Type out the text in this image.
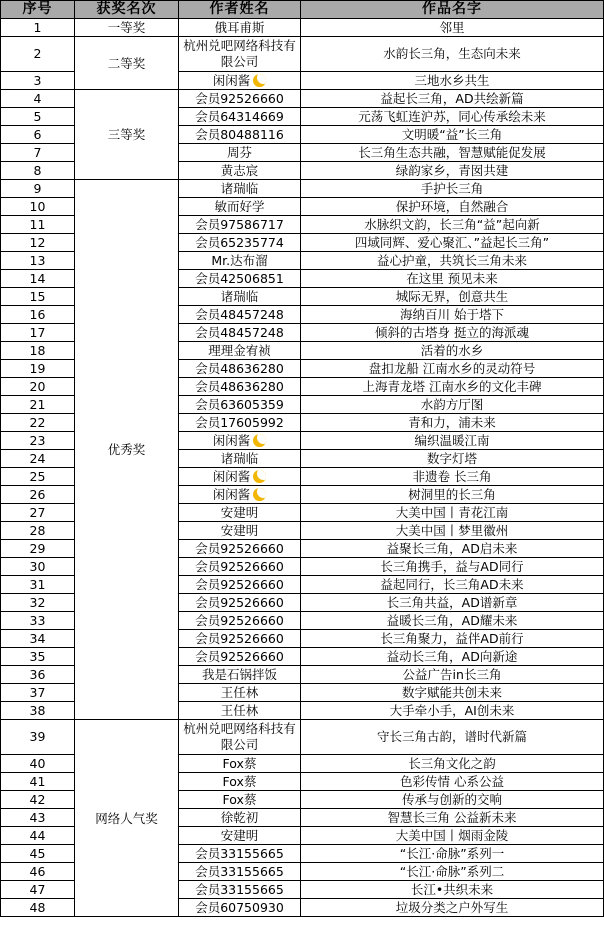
序号	获奖名次	作者姓名	作品名字
1	一等奖	俄耳甫斯	邻里
2	二等奖	杭州兑吧网络科技有限公司	水韵长三角，生态向未来
3		闲闲酱	三地水乡共生
4	三等奖	会员92526660	益起长三角，AD共绘新篇
5		会员64314669	元荡飞虹连沪苏，同心传承绘未来
6		会员80488116	文明暖“益”长三角
7		周芬	长三角生态共融，智慧赋能促发展
8		黄志宸	绿韵家乡，青囡共建
9	优秀奖	诸瑞临	手护长三角
10		敏而好学	保护环境，自然融合
11		会员97586717	水脉织文韵，长三角“益”起向新
12		会员65235774	四域同辉、爱心聚汇、”益起长三角”
13		Mr.达布溜	益心护童，共筑长三角未来
14		会员42506851	在这里 预见未来
15		诸瑞临	城际无界，创意共生
16		会员48457248	海纳百川 始于塔下
17		会员48457248	倾斜的古塔身 挺立的海派魂
18		理理金宥祯	活着的水乡
19		会员48636280	盘扣龙船 江南水乡的灵动符号
20		会员48636280	上海青龙塔 江南水乡的文化丰碑
21		会员63605359	水韵方厅图
22		会员17605992	青和力，浦未来
23		闲闲酱	编织温暖江南
24		诸瑞临	数字灯塔
25		闲闲酱	非遗卷 长三角
26		闲闲酱	树洞里的长三角
27		安建明	大美中国丨青花江南
28		安建明	大美中国丨梦里徽州
29		会员92526660	益聚长三角，AD启未来
30		会员92526660	长三角携手，益与AD同行
31		会员92526660	益起同行，长三角AD未来
32		会员92526660	长三角共益，AD谱新章
33		会员92526660	益暖长三角，AD耀未来
34		会员92526660	长三角聚力，益伴AD前行
35		会员92526660	益动长三角，AD向新途
36		我是石锅拌饭	公益广告in长三角
37		王任林	数字赋能共创未来
38		王任林	大手牵小手，AI创未来
39	网络人气奖	杭州兑吧网络科技有限公司	守长三角古韵，谱时代新篇
40		Fox蔡	长三角文化之韵
41		Fox蔡	色彩传情 心系公益
42		Fox蔡	传承与创新的交响
43		徐乾初	智慧长三角 公益新未来
44		安建明	大美中国丨烟雨金陵
45		会员33155665	“长江·命脉”系列一
46		会员33155665	“长江·命脉”系列二
47		会员33155665	长江•共织未来
48		会员60750930	垃圾分类之户外写生
